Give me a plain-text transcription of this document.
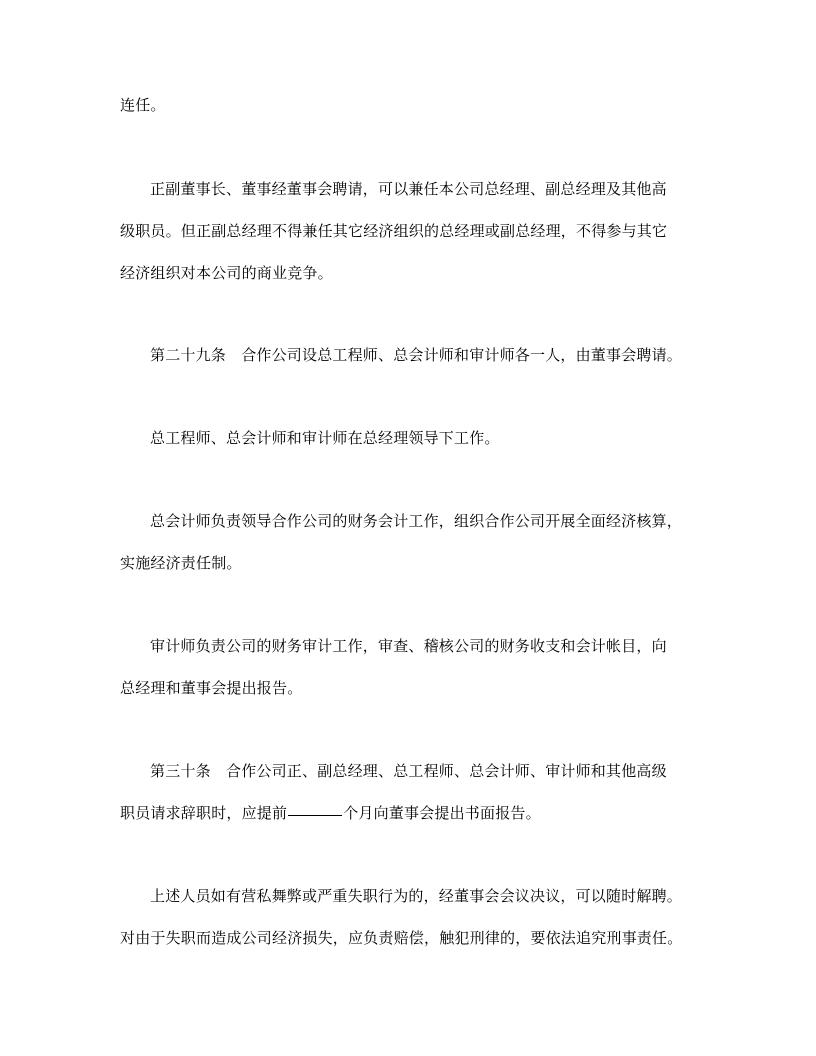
连任。
正副董事长、董事经董事会聘请，可以兼任本公司总经理、副总经理及其他高
级职员。但正副总经理不得兼任其它经济组织的总经理或副总经理，不得参与其它
经济组织对本公司的商业竞争。
第二十九条　合作公司设总工程师、总会计师和审计师各一人，由董事会聘请。
总工程师、总会计师和审计师在总经理领导下工作。
总会计师负责领导合作公司的财务会计工作，组织合作公司开展全面经济核算，
实施经济责任制。
审计师负责公司的财务审计工作，审查、稽核公司的财务收支和会计帐目，向
总经理和董事会提出报告。
第三十条　合作公司正、副总经理、总工程师、总会计师、审计师和其他高级
职员请求辞职时，应提前	个月向董事会提出书面报告。
上述人员如有营私舞弊或严重失职行为的，经董事会会议决议，可以随时解聘。
对由于失职而造成公司经济损失，应负责赔偿，触犯刑律的，要依法追究刑事责任。
